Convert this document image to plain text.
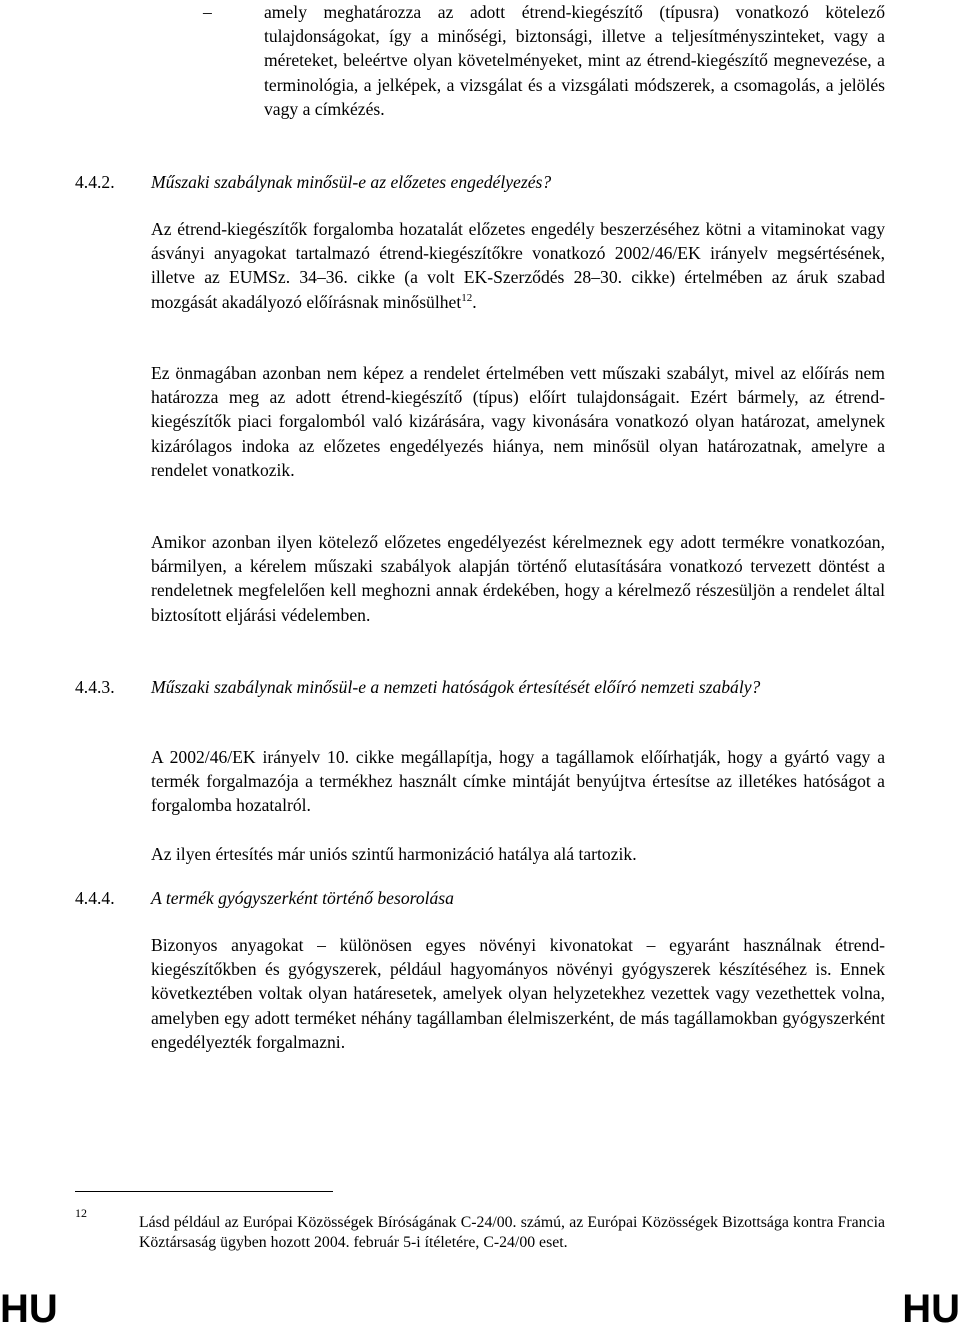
–	amely meghatározza az adott étrend-kiegészítő (típusra) vonatkozó kötelező tulajdonságokat, így a minőségi, biztonsági, illetve a teljesítményszinteket, vagy a méreteket, beleértve olyan követelményeket, mint az étrend-kiegészítő megnevezése, a terminológia, a jelképek, a vizsgálat és a vizsgálati módszerek, a csomagolás, a jelölés vagy a címkézés.
4.4.2. Műszaki szabálynak minősül-e az előzetes engedélyezés?
Az étrend-kiegészítők forgalomba hozatalát előzetes engedély beszerzéséhez kötni a vitaminokat vagy ásványi anyagokat tartalmazó étrend-kiegészítőkre vonatkozó 2002/46/EK irányelv megsértésének, illetve az EUMSz. 34–36. cikke (a volt EK-Szerződés 28–30. cikke) értelmében az áruk szabad mozgását akadályozó előírásnak minősülhet$^{12}$.
Ez önmagában azonban nem képez a rendelet értelmében vett műszaki szabályt, mivel az előírás nem határozza meg az adott étrend-kiegészítő (típus) előírt tulajdonságait. Ezért bármely, az étrend-kiegészítők piaci forgalomból való kizárására, vagy kivonására vonatkozó olyan határozat, amelynek kizárólagos indoka az előzetes engedélyezés hiánya, nem minősül olyan határozatnak, amelyre a rendelet vonatkozik.
Amikor azonban ilyen kötelező előzetes engedélyezést kérelmeznek egy adott termékre vonatkozóan, bármilyen, a kérelem műszaki szabályok alapján történő elutasítására vonatkozó tervezett döntést a rendeletnek megfelelően kell meghozni annak érdekében, hogy a kérelmező részesüljön a rendelet által biztosított eljárási védelemben.
4.4.3. Műszaki szabálynak minősül-e a nemzeti hatóságok értesítését előíró nemzeti szabály?
A 2002/46/EK irányelv 10. cikke megállapítja, hogy a tagállamok előírhatják, hogy a gyártó vagy a termék forgalmazója a termékhez használt címke mintáját benyújtva értesítse az illetékes hatóságot a forgalomba hozatalról.
Az ilyen értesítés már uniós szintű harmonizáció hatálya alá tartozik.
4.4.4. A termék gyógyszerként történő besorolása
Bizonyos anyagokat – különösen egyes növényi kivonatokat – egyaránt használnak étrend-kiegészítőkben és gyógyszerek, például hagyományos növényi gyógyszerek készítéséhez is. Ennek következtében voltak olyan határesetek, amelyek olyan helyzetekhez vezettek vagy vezethettek volna, amelyben egy adott terméket néhány tagállamban élelmiszerként, de más tagállamokban gyógyszerként engedélyezték forgalmazni.
12
Lásd például az Európai Közösségek Bíróságának C-24/00. számú, az Európai Közösségek Bizottsága kontra Francia Köztársaság ügyben hozott 2004. február 5-i ítéletére, C-24/00 eset.
HU	HU
